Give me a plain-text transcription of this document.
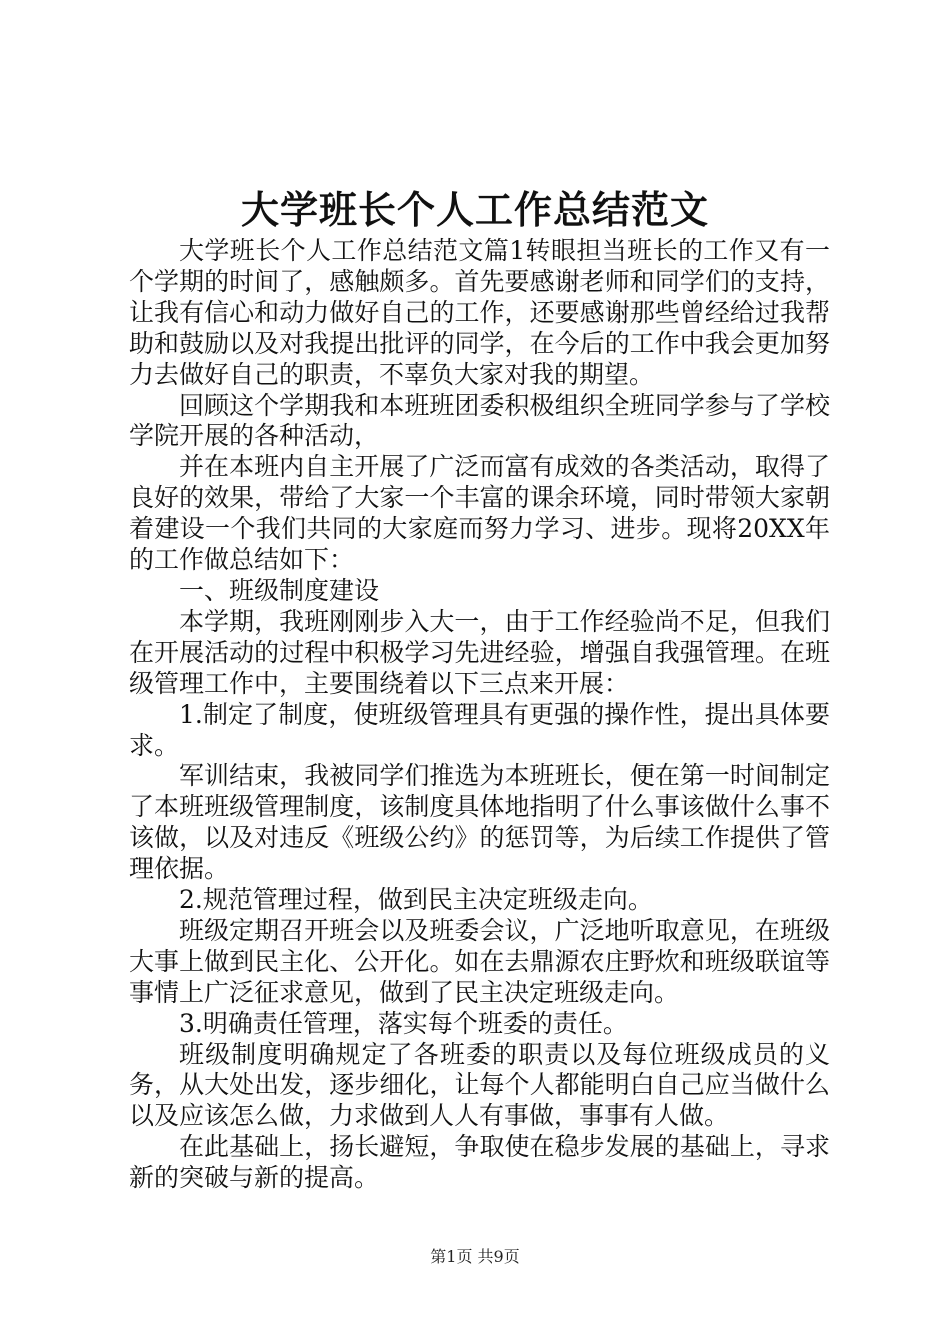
大学班长个人工作总结范文

大学班长个人工作总结范文篇1转眼担当班长的工作又有一个学期的时间了，感触颇多。首先要感谢老师和同学们的支持，让我有信心和动力做好自己的工作，还要感谢那些曾经给过我帮助和鼓励以及对我提出批评的同学，在今后的工作中我会更加努力去做好自己的职责，不辜负大家对我的期望。

回顾这个学期我和本班班团委积极组织全班同学参与了学校学院开展的各种活动，

并在本班内自主开展了广泛而富有成效的各类活动，取得了良好的效果，带给了大家一个丰富的课余环境，同时带领大家朝着建设一个我们共同的大家庭而努力学习、进步。现将20XX年的工作做总结如下：

一、班级制度建设

本学期，我班刚刚步入大一，由于工作经验尚不足，但我们在开展活动的过程中积极学习先进经验，增强自我强管理。在班级管理工作中，主要围绕着以下三点来开展：

1.制定了制度，使班级管理具有更强的操作性，提出具体要求。

军训结束，我被同学们推选为本班班长，便在第一时间制定了本班班级管理制度，该制度具体地指明了什么事该做什么事不该做，以及对违反《班级公约》的惩罚等，为后续工作提供了管理依据。

2.规范管理过程，做到民主决定班级走向。

班级定期召开班会以及班委会议，广泛地听取意见，在班级大事上做到民主化、公开化。如在去鼎源农庄野炊和班级联谊等事情上广泛征求意见，做到了民主决定班级走向。

3.明确责任管理，落实每个班委的责任。

班级制度明确规定了各班委的职责以及每位班级成员的义务，从大处出发，逐步细化，让每个人都能明白自己应当做什么以及应该怎么做，力求做到人人有事做，事事有人做。

在此基础上，扬长避短，争取使在稳步发展的基础上，寻求新的突破与新的提高。

第1页 共9页
